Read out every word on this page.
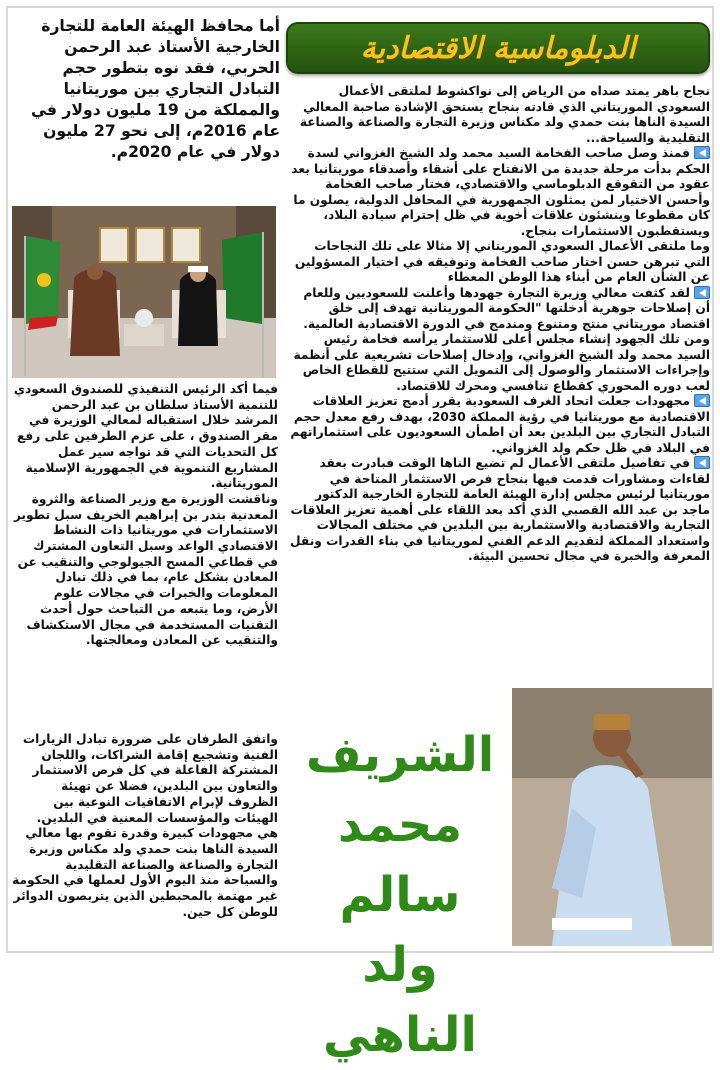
الدبلوماسية الاقتصادية
أما محافظ الهيئة العامة للتجارة الخارجية الأستاذ عبد الرحمن الحربي، فقد نوه بتطور حجم التبادل التجاري بين موريتانيا والمملكة من 19 مليون دولار في عام 2016م، إلى نحو 27 مليون دولار في عام 2020م.
نجاح باهر يمتد صداه من الرياض إلى نواكشوط لملتقى الأعمال السعودي الموريتاني الذي قادته بنجاح يستحق الإشادة صاحبة المعالي السيدة الناها بنت حمدي ولد مكناس وزيرة التجارة والصناعة والصناعة التقليدية والسياحة...
فمنذ وصل صاحب الفخامة السيد محمد ولد الشيخ الغزواني لسدة الحكم بدأت مرحلة جديدة من الانفتاح على أشقاء وأصدقاء موريتانيا بعد عقود من التقوقع الدبلوماسي والاقتصادي، فختار صاحب الفخامة وأحسن الاختيار لمن يمثلون الجمهورية في المحافل الدولية، يصلون ما كان مقطوعا وينشئون علاقات أخوية في ظل إحترام سيادة البلاد، ويستقطبون الاستثمارات بنجاح.
وما ملتقى الأعمال السعودي الموريتاني إلا مثالا على تلك النجاحات التي تبرهن حسن اختار صاحب الفخامة وتوفيقه في اختيار المسؤولين عن الشأن العام من أبناء هذا الوطن المعطاء
لقد كثفت معالي وزيرة التجارة جهودها وأعلنت للسعوديين وللعام أن إصلاحات جوهرية أدخلتها "الحكومة الموريتانية تهدف إلى خلق اقتصاد موريتاني منتج ومتنوع ومندمج في الدورة الاقتصادية العالمية.
ومن تلك الجهود إنشاء مجلس أعلى للاستثمار يرأسه فخامة رئيس السيد محمد ولد الشيخ الغزواني، وإدخال إصلاحات تشريعية على أنظمة وإجراءات الاستثمار والوصول إلى التمويل التي ستتيح للقطاع الخاص لعب دوره المحوري كقطاع تنافسي ومحرك للاقتصاد.
مجهودات جعلت اتحاد الغرف السعودية يقرر أدمج تعزيز العلاقات الاقتصادية مع موريتانيا في رؤية المملكة 2030، بهدف رفع معدل حجم التبادل التجاري بين البلدين بعد أن اطمأن السعوديون على استثماراتهم في البلاد في ظل حكم ولد الغزواني.
في تفاصيل ملتقى الأعمال لم تضيع الناها الوقت فبادرت بعقد لقاءات ومشاورات قدمت فيها بنجاح فرص الاستثمار المتاحة في موريتانيا لرئيس مجلس إدارة الهيئة العامة للتجارة الخارجية الدكتور ماجد بن عبد الله القصبي الذي أكد بعد اللقاء على أهمية تعزيز العلاقات التجارية والاقتصادية والاستثمارية بين البلدين في مختلف المجالات واستعداد المملكة لتقديم الدعم الفني لموريتانيا في بناء القدرات ونقل المعرفة والخبرة في مجال تحسين البيئة.
فيما أكد الرئيس التنفيذي للصندوق السعودي للتنمية الأستاذ سلطان بن عبد الرحمن المرشد خلال استقباله لمعالي الوزيرة في مقر الصندوق ، على عزم الطرفين على رفع كل التحديات التي قد تواجه سير عمل المشاريع التنموية في الجمهورية الإسلامية الموريتانية.
وناقشت الوزيرة مع وزير الصناعة والثروة المعدنية بندر بن إبراهيم الخريف سبل تطوير الاستثمارات في موريتانيا ذات النشاط الاقتصادي الواعد وسبل التعاون المشترك في قطاعي المسح الجيولوجي والتنقيب عن المعادن بشكل عام، بما في ذلك تبادل المعلومات والخبرات في مجالات علوم الأرض، وما يتبعه من التباحث حول أحدث التقنيات المستخدمة في مجال الاستكشاف والتنقيب عن المعادن ومعالجتها.
واتفق الطرفان على ضرورة تبادل الزيارات الفنية وتشجيع إقامة الشراكات، واللجان المشتركة الفاعلة في كل فرص الاستثمار والتعاون بين البلدين، فضلا عن تهيئة الظروف لإبرام الاتفاقيات النوعية بين الهيئات والمؤسسات المعنية في البلدين.
هي مجهودات كبيرة وقدرة تقوم بها معالي السيدة الناها بنت حمدي ولد مكناس وزيرة التجارة والصناعة والصناعة التقليدية والسياحة منذ اليوم الأول لعملها في الحكومة غير مهتمة بالمحبطين الذين يتربصون الدوائر للوطن كل حين.
الشريف
محمد سالم
ولد الناهي
